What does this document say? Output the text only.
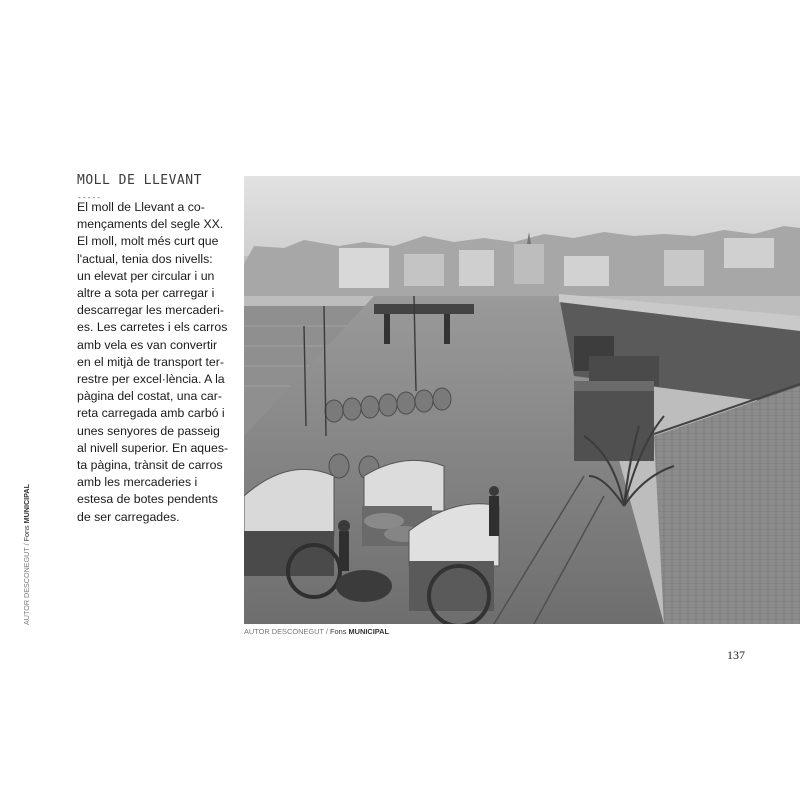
MOLL DE LLEVANT
-----
El moll de Llevant a co-
mençaments del segle XX.
El moll, molt més curt que
l'actual, tenia dos nivells:
un elevat per circular i un
altre a sota per carregar i
descarregar les mercaderi-
es. Les carretes i els carros
amb vela es van convertir
en el mitjà de transport ter-
restre per excel·lència. A la
pàgina del costat, una car-
reta carregada amb carbó i
unes senyores de passeig
al nivell superior. En aques-
ta pàgina, trànsit de carros
amb les mercaderies i
estesa de botes pendents
de ser carregades.
AUTOR DESCONEGUT / Fons MUNICIPAL
AUTOR DESCONEGUT / Fons MUNICIPAL
137
